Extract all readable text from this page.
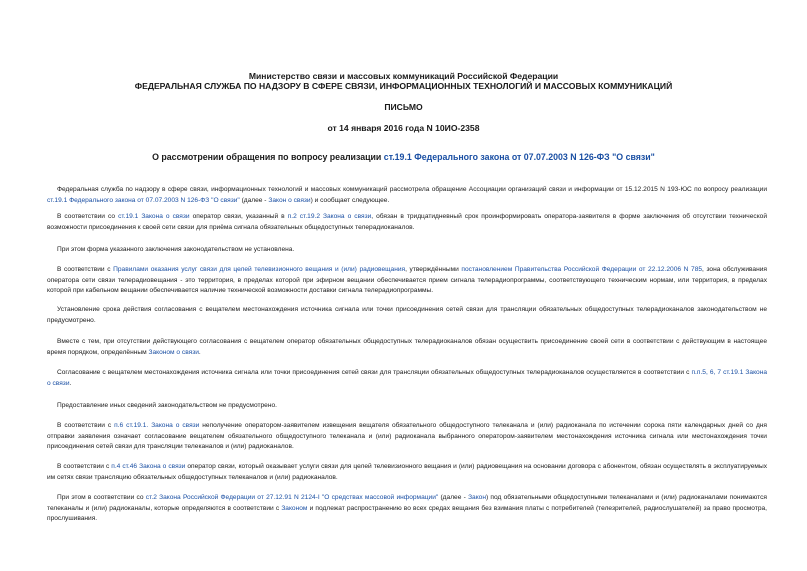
Министерство связи и массовых коммуникаций Российской Федерации
ФЕДЕРАЛЬНАЯ СЛУЖБА ПО НАДЗОРУ В СФЕРЕ СВЯЗИ, ИНФОРМАЦИОННЫХ ТЕХНОЛОГИЙ И МАССОВЫХ КОММУНИКАЦИЙ
ПИСЬМО
от 14 января 2016 года N 10ИО-2358
О рассмотрении обращения по вопросу реализации ст.19.1 Федерального закона от 07.07.2003 N 126-ФЗ "О связи"
Федеральная служба по надзору в сфере связи, информационных технологий и массовых коммуникаций рассмотрела обращение Ассоциации организаций связи и информации от 15.12.2015 N 193-ЮС по вопросу реализации ст.19.1 Федерального закона от 07.07.2003 N 126-ФЗ "О связи" (далее - Закон о связи) и сообщает следующее.
В соответствии со ст.19.1 Закона о связи оператор связи, указанный в п.2 ст.19.2 Закона о связи, обязан в тридцатидневный срок проинформировать оператора-заявителя в форме заключения об отсутствии технической возможности присоединения к своей сети связи для приёма сигнала обязательных общедоступных телерадиоканалов.
При этом форма указанного заключения законодательством не установлена.
В соответствии с Правилами оказания услуг связи для целей телевизионного вещания и (или) радиовещания, утверждёнными постановлением Правительства Российской Федерации от 22.12.2006 N 785, зона обслуживания оператора сети связи телерадиовещания - это территория, в пределах которой при эфирном вещании обеспечивается прием сигнала телерадиопрограммы, соответствующего техническим нормам, или территория, в пределах которой при кабельном вещании обеспечивается наличие технической возможности доставки сигнала телерадиопрограммы.
Установление срока действия согласования с вещателем местонахождения источника сигнала или точки присоединения сетей связи для трансляции обязательных общедоступных телерадиоканалов законодательством не предусмотрено.
Вместе с тем, при отсутствии действующего согласования с вещателем оператор обязательных общедоступных телерадиоканалов обязан осуществить присоединение своей сети в соответствии с действующим в настоящее время порядком, определённым Законом о связи.
Согласование с вещателем местонахождения источника сигнала или точки присоединения сетей связи для трансляции обязательных общедоступных телерадиоканалов осуществляется в соответствии с п.п.5, 6, 7 ст.19.1 Закона о связи.
Предоставление иных сведений законодательством не предусмотрено.
В соответствии с п.6 ст.19.1. Закона о связи неполучение оператором-заявителем извещения вещателя обязательного общедоступного телеканала и (или) радиоканала по истечении сорока пяти календарных дней со дня отправки заявления означает согласование вещателем обязательного общедоступного телеканала и (или) радиоканала выбранного оператором-заявителем местонахождения источника сигнала или местонахождения точки присоединения сетей связи для трансляции телеканалов и (или) радиоканалов.
В соответствии с п.4 ст.46 Закона о связи оператор связи, который оказывает услуги связи для целей телевизионного вещания и (или) радиовещания на основании договора с абонентом, обязан осуществлять в эксплуатируемых им сетях связи трансляцию обязательных общедоступных телеканалов и (или) радиоканалов.
При этом в соответствии со ст.2 Закона Российской Федерации от 27.12.91 N 2124-I "О средствах массовой информации" (далее - Закон) под обязательными общедоступными телеканалами и (или) радиоканалами понимаются телеканалы и (или) радиоканалы, которые определяются в соответствии с Законом и подлежат распространению во всех средах вещания без взимания платы с потребителей (телезрителей, радиослушателей) за право просмотра, прослушивания.
